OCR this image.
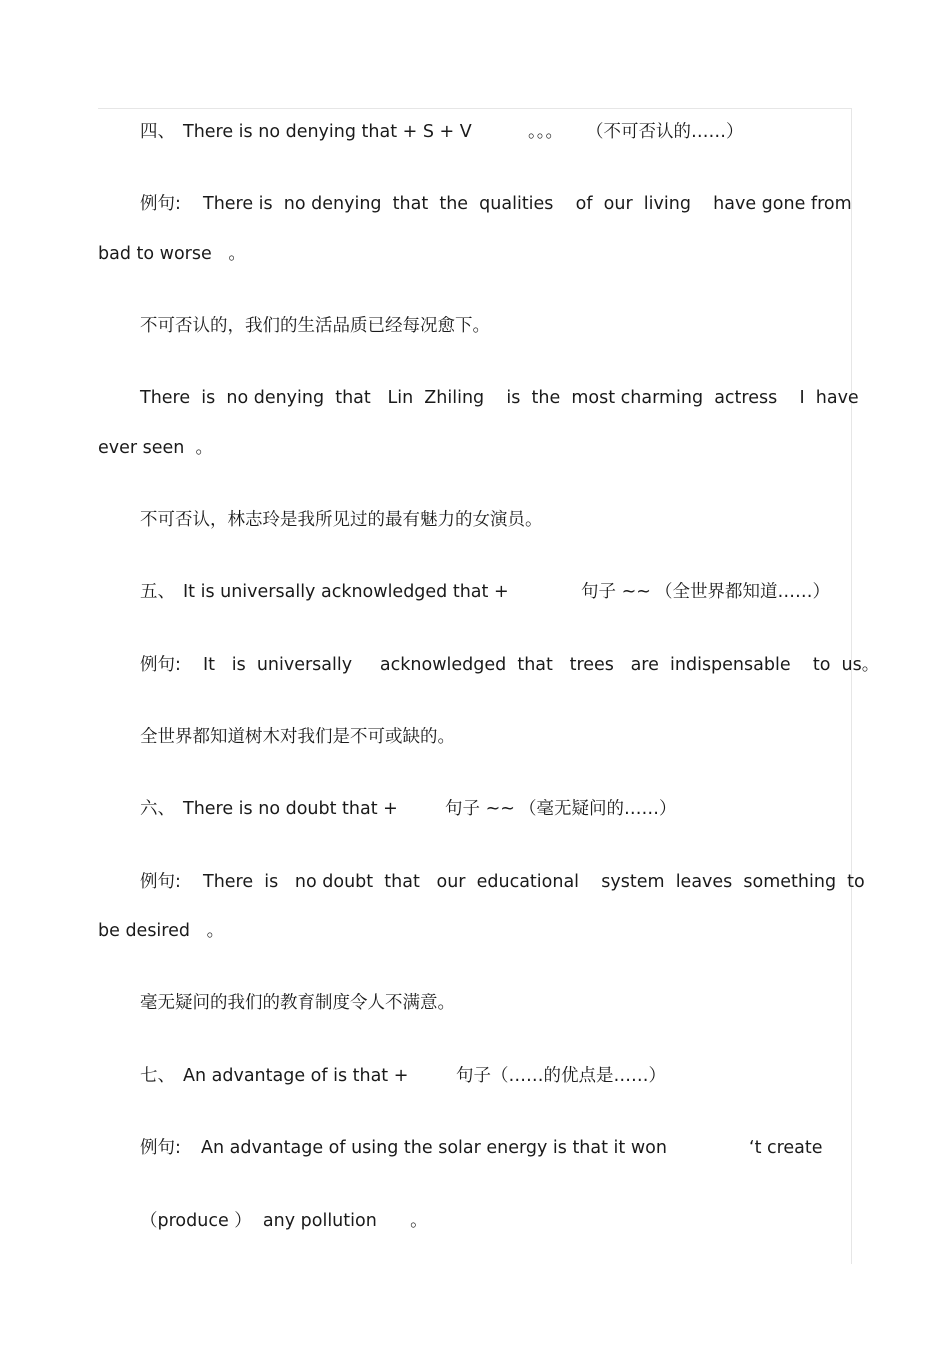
四、 There is no denying that + S + V	。。。 （不可否认的……）
例句: There is  no denying  that  the  qualities    of  our  living    have gone from
bad to worse   。
不可否认的，我们的生活品质已经每况愈下。
There  is  no denying  that   Lin  Zhiling    is  the  most charming  actress    I  have
ever seen  。
不可否认，林志玲是我所见过的最有魅力的女演员。
五、 It is universally acknowledged that +	句子 ~~ （全世界都知道……）
例句: It   is  universally     acknowledged  that   trees   are  indispensable    to  us。
全世界都知道树木对我们是不可或缺的。
六、 There is no doubt that +	句子 ~~ （毫无疑问的……）
例句: There  is   no doubt  that   our  educational    system  leaves  something  to
be desired   。
毫无疑问的我们的教育制度令人不满意。
七、 An advantage of is that +	句子（……的优点是……）
例句: An advantage of using the solar energy is that it won	‘t create
（produce ）  any pollution      。
